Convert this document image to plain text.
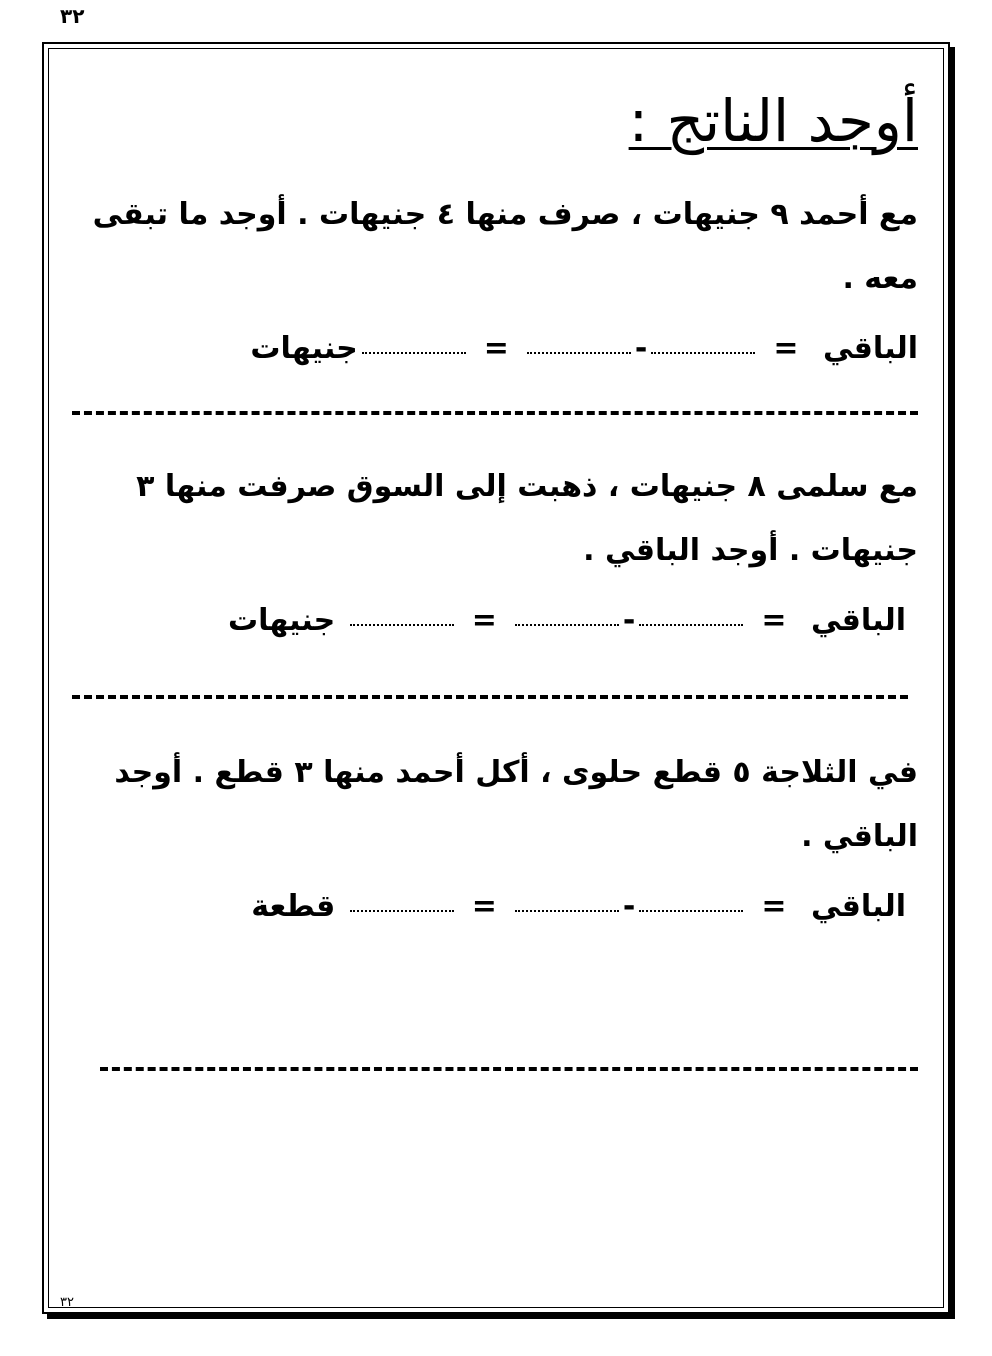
٣٢
أوجد الناتج :

مع أحمد ٩ جنيهات ، صرف منها ٤ جنيهات . أوجد ما تبقى معه .

الباقي =-=جنيهات

مع سلمى ٨ جنيهات ، ذهبت إلى السوق صرفت منها ٣ جنيهات . أوجد الباقي .

الباقي =-= جنيهات

في الثلاجة ٥ قطع حلوى ، أكل أحمد منها ٣ قطع . أوجد الباقي .

الباقي =-= قطعة

٣٢
